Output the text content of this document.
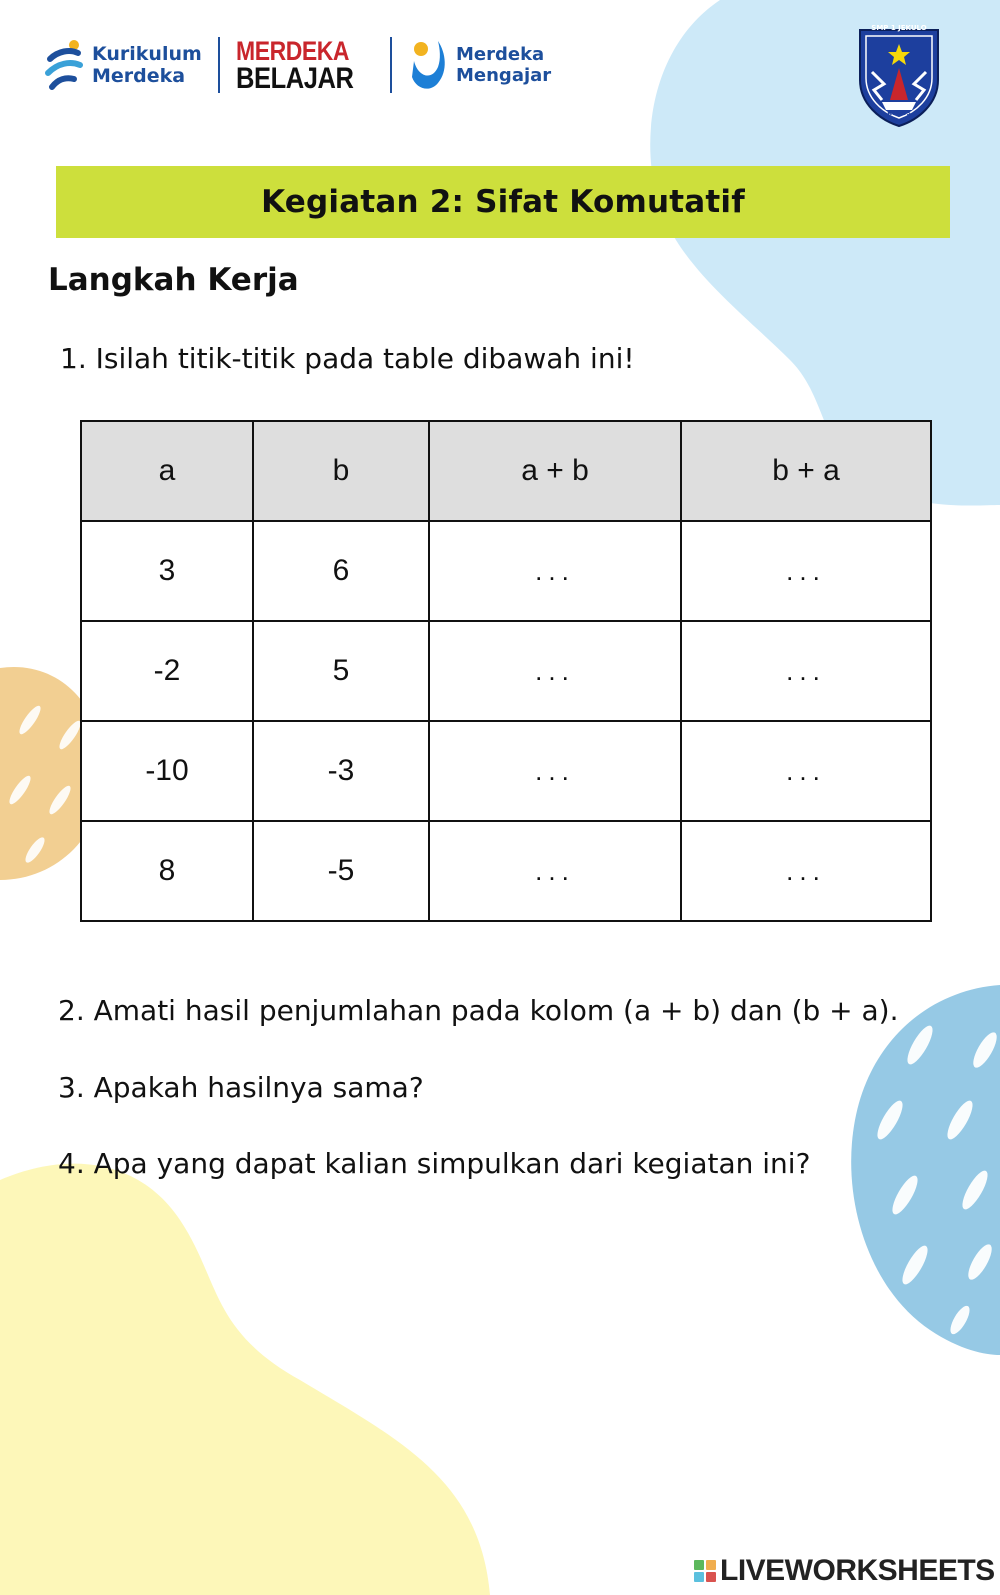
Kurikulum
Merdeka
MERDEKA
BELAJAR
Merdeka
Mengajar
SMP 1 JEKULO
KUDUS
Kegiatan 2: Sifat Komutatif
Langkah Kerja
1. Isilah titik-titik pada table dibawah ini!
a	b	a + b	b + a
3	6	...	...
-2	5	...	...
-10	-3	...	...
8	-5	...	...
2. Amati hasil penjumlahan pada kolom (a + b) dan (b + a).
3. Apakah hasilnya sama?
4. Apa yang dapat kalian simpulkan dari kegiatan ini?
LIVEWORKSHEETS
